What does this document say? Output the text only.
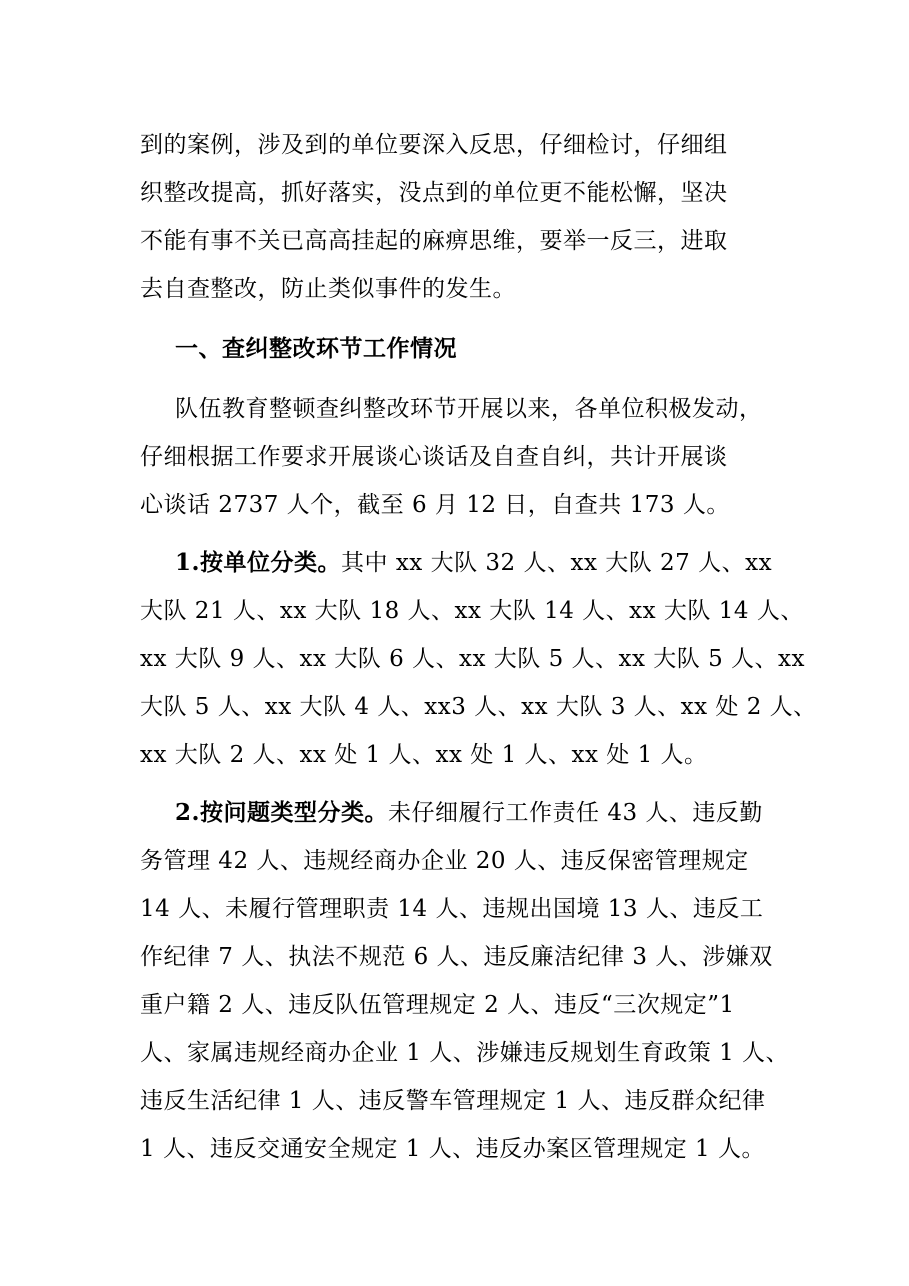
到的案例，涉及到的单位要深入反思，仔细检讨，仔细组
织整改提高，抓好落实，没点到的单位更不能松懈，坚决
不能有事不关已高高挂起的麻痹思维，要举一反三，进取
去自查整改，防止类似事件的发生。
一、查纠整改环节工作情况
队伍教育整顿查纠整改环节开展以来，各单位积极发动，
仔细根据工作要求开展谈心谈话及自查自纠，共计开展谈
心谈话 2737 人个，截至 6 月 12 日，自查共 173 人。
1.按单位分类。其中 xx 大队 32 人、xx 大队 27 人、xx
大队 21 人、xx 大队 18 人、xx 大队 14 人、xx 大队 14 人、
xx 大队 9 人、xx 大队 6 人、xx 大队 5 人、xx 大队 5 人、xx
大队 5 人、xx 大队 4 人、xx3 人、xx 大队 3 人、xx 处 2 人、
xx 大队 2 人、xx 处 1 人、xx 处 1 人、xx 处 1 人。
2.按问题类型分类。未仔细履行工作责任 43 人、违反勤
务管理 42 人、违规经商办企业 20 人、违反保密管理规定
14 人、未履行管理职责 14 人、违规出国境 13 人、违反工
作纪律 7 人、执法不规范 6 人、违反廉洁纪律 3 人、涉嫌双
重户籍 2 人、违反队伍管理规定 2 人、违反“三次规定”1
人、家属违规经商办企业 1 人、涉嫌违反规划生育政策 1 人、
违反生活纪律 1 人、违反警车管理规定 1 人、违反群众纪律
1 人、违反交通安全规定 1 人、违反办案区管理规定 1 人。
